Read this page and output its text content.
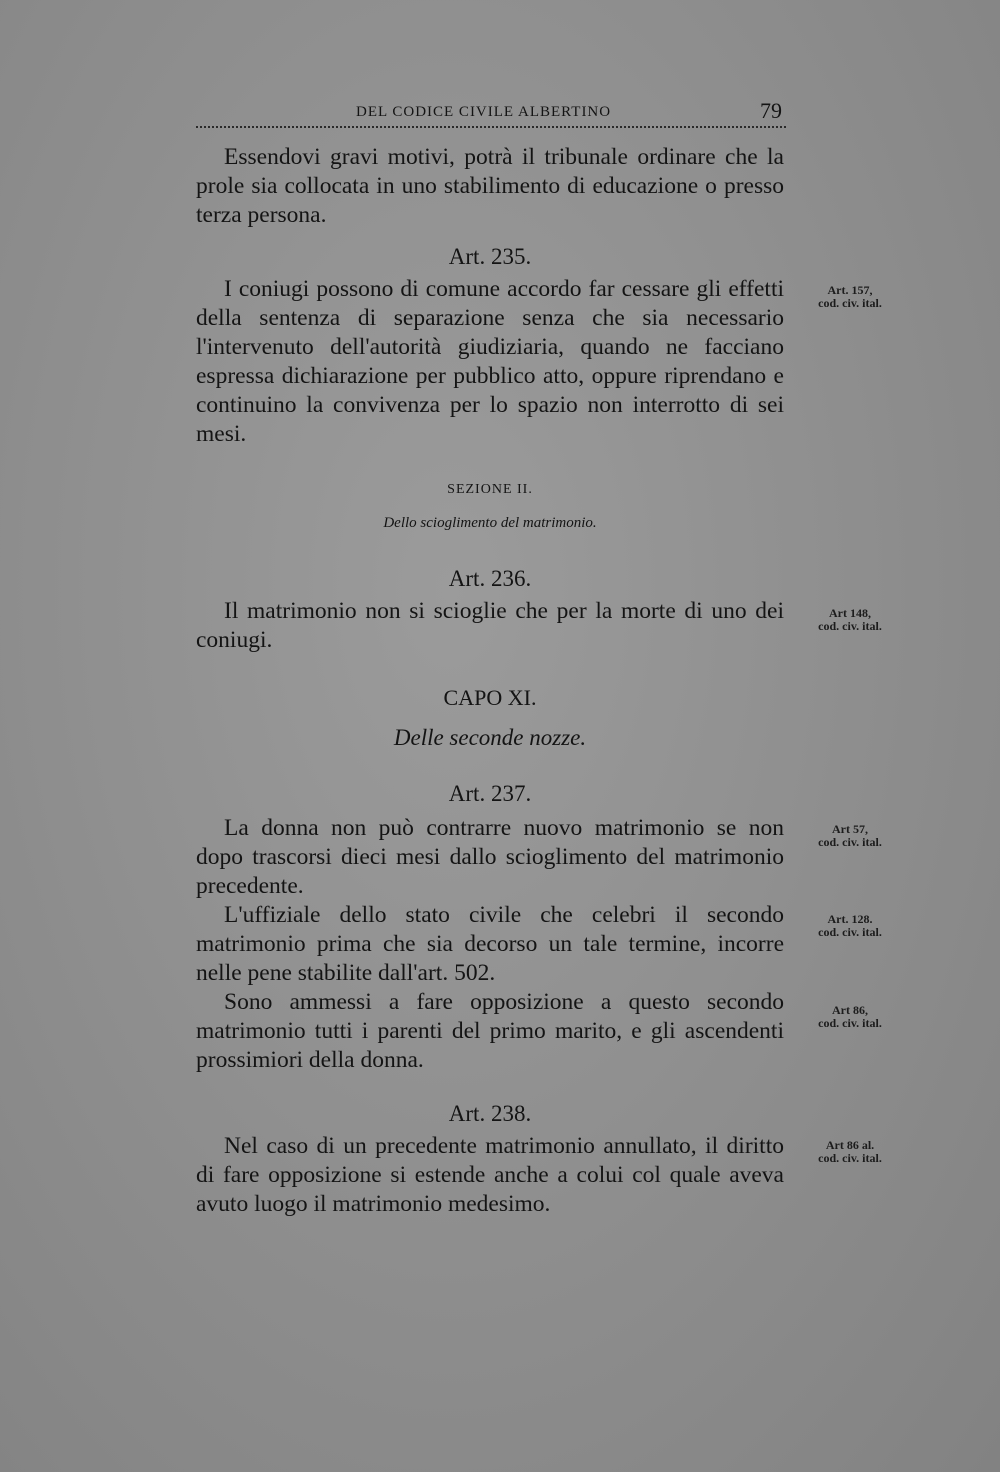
DEL CODICE CIVILE ALBERTINO	79

Essendovi gravi motivi, potrà il tribunale ordinare che la prole sia collocata in uno stabilimento di educazione o presso terza persona.

Art. 235.

I coniugi possono di comune accordo far cessare gli effetti della sentenza di separazione senza che sia necessario l'intervenuto dell'autorità giudiziaria, quando ne facciano espressa dichiarazione per pubblico atto, oppure riprendano e continuino la convivenza per lo spazio non interrotto di sei mesi.

SEZIONE II.
Dello scioglimento del matrimonio.

Art. 236.

Il matrimonio non si scioglie che per la morte di uno dei coniugi.

CAPO XI.
Delle seconde nozze.

Art. 237.

La donna non può contrarre nuovo matrimonio se non dopo trascorsi dieci mesi dallo scioglimento del matrimonio precedente.

L'uffiziale dello stato civile che celebri il secondo matrimonio prima che sia decorso un tale termine, incorre nelle pene stabilite dall'art. 502.

Sono ammessi a fare opposizione a questo secondo matrimonio tutti i parenti del primo marito, e gli ascendenti prossimiori della donna.

Art. 238.

Nel caso di un precedente matrimonio annullato, il diritto di fare opposizione si estende anche a colui col quale aveva avuto luogo il matrimonio medesimo.

Art. 157,
cod. civ. ital.
Art 148,
cod. civ. ital.
Art 57,
cod. civ. ital.
Art. 128.
cod. civ. ital.
Art 86,
cod. civ. ital.
Art 86 al.
cod. civ. ital.
